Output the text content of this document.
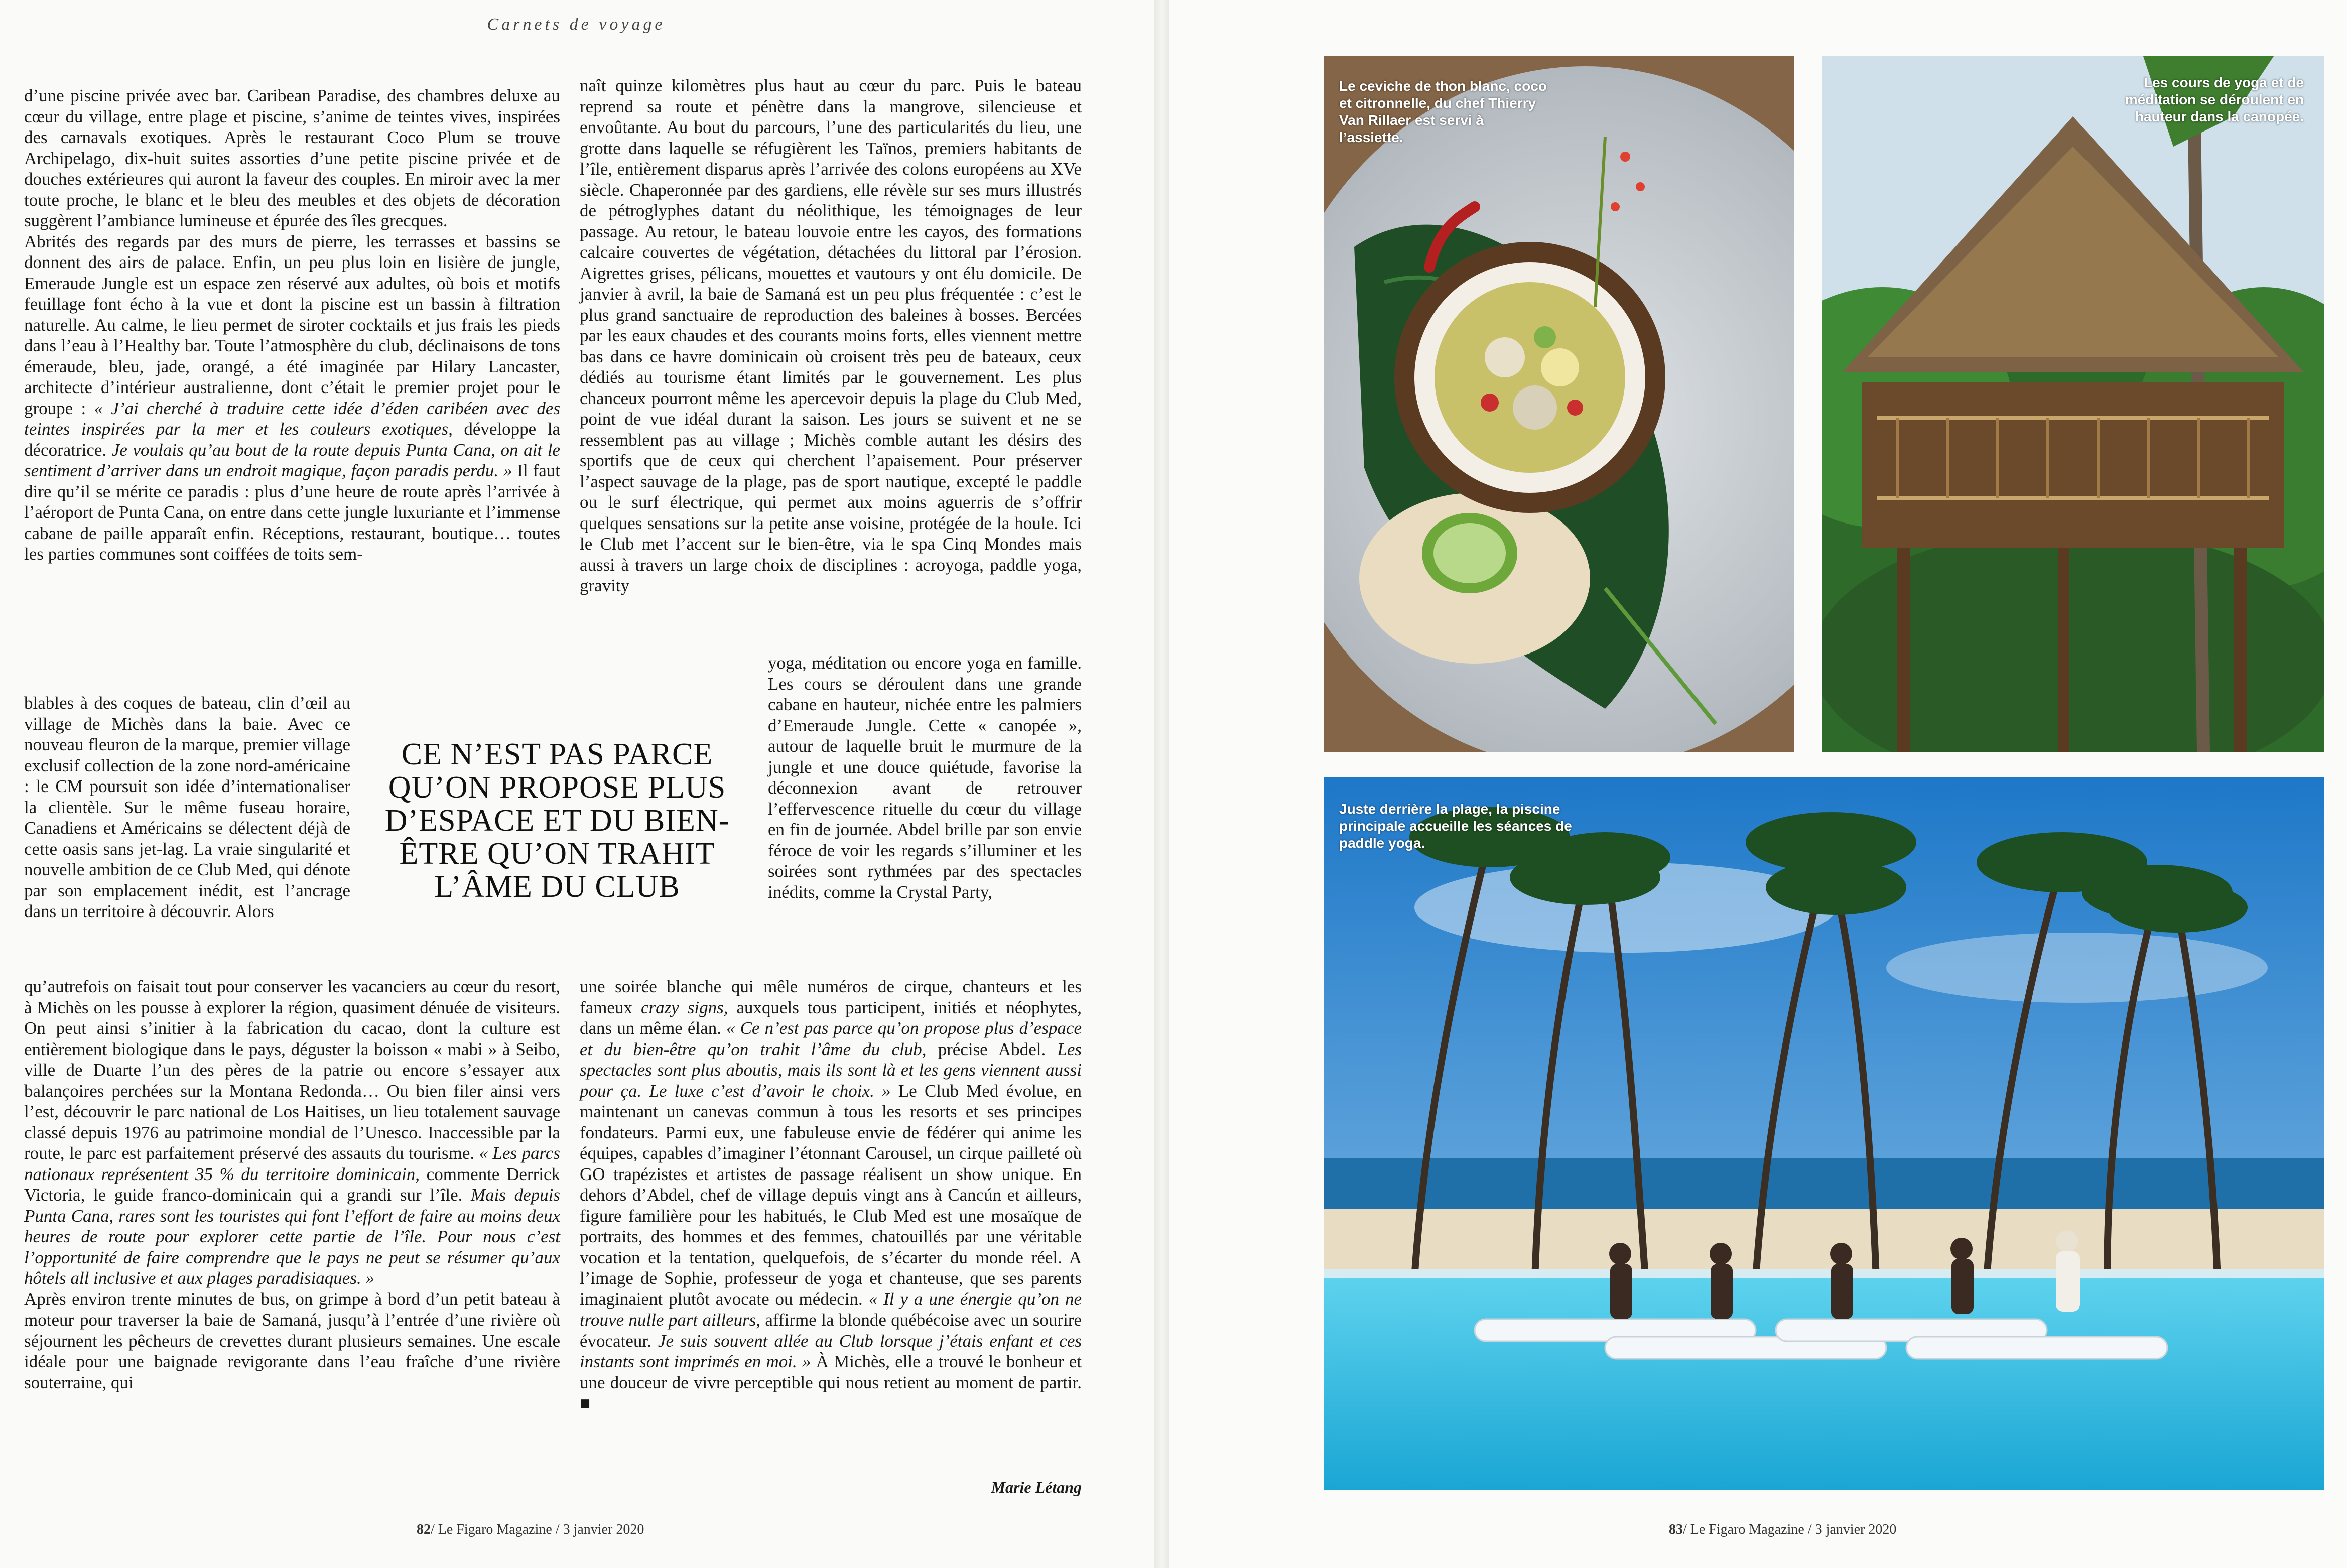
Carnets de voyage

d’une piscine privée avec bar. Caribean Paradise, des chambres deluxe au cœur du village, entre plage et piscine, s’anime de teintes vives, inspirées des carnavals exotiques. Après le restaurant Coco Plum se trouve Archipelago, dix-huit suites assorties d’une petite piscine privée et de douches extérieures qui auront la faveur des couples. En miroir avec la mer toute proche, le blanc et le bleu des meubles et des objets de décoration suggèrent l’ambiance lumineuse et épurée des îles grecques.
Abrités des regards par des murs de pierre, les terrasses et bassins se donnent des airs de palace. Enfin, un peu plus loin en lisière de jungle, Emeraude Jungle est un espace zen réservé aux adultes, où bois et motifs feuillage font écho à la vue et dont la piscine est un bassin à filtration naturelle. Au calme, le lieu permet de siroter cocktails et jus frais les pieds dans l’eau à l’Healthy bar. Toute l’atmosphère du club, déclinaisons de tons émeraude, bleu, jade, orangé, a été imaginée par Hilary Lancaster, architecte d’intérieur australienne, dont c’était le premier projet pour le groupe : « J’ai cherché à traduire cette idée d’éden caribéen avec des teintes inspirées par la mer et les couleurs exotiques, développe la décoratrice. Je voulais qu’au bout de la route depuis Punta Cana, on ait le sentiment d’arriver dans un endroit magique, façon paradis perdu. » Il faut dire qu’il se mérite ce paradis : plus d’une heure de route après l’arrivée à l’aéroport de Punta Cana, on entre dans cette jungle luxuriante et l’immense cabane de paille apparaît enfin. Réceptions, restaurant, boutique… toutes les parties communes sont coiffées de toits sem-

blables à des coques de bateau, clin d’œil au village de Michès dans la baie. Avec ce nouveau fleuron de la marque, premier village exclusif collection de la zone nord-américaine : le CM poursuit son idée d’internationaliser la clientèle. Sur le même fuseau horaire, Canadiens et Américains se délectent déjà de cette oasis sans jet-lag. La vraie singularité et nouvelle ambition de ce Club Med, qui dénote par son emplacement inédit, est l’ancrage dans un territoire à découvrir. Alors

CE N’EST PAS PARCE QU’ON PROPOSE PLUS D’ESPACE ET DU BIEN-ÊTRE QU’ON TRAHIT L’ÂME DU CLUB

qu’autrefois on faisait tout pour conserver les vacanciers au cœur du resort, à Michès on les pousse à explorer la région, quasiment dénuée de visiteurs. On peut ainsi s’initier à la fabrication du cacao, dont la culture est entièrement biologique dans le pays, déguster la boisson « mabi » à Seibo, ville de Duarte l’un des pères de la patrie ou encore s’essayer aux balançoires perchées sur la Montana Redonda… Ou bien filer ainsi vers l’est, découvrir le parc national de Los Haitises, un lieu totalement sauvage classé depuis 1976 au patrimoine mondial de l’Unesco. Inaccessible par la route, le parc est parfaitement préservé des assauts du tourisme. « Les parcs nationaux représentent 35 % du territoire dominicain, commente Derrick Victoria, le guide franco-dominicain qui a grandi sur l’île. Mais depuis Punta Cana, rares sont les touristes qui font l’effort de faire au moins deux heures de route pour explorer cette partie de l’île. Pour nous c’est l’opportunité de faire comprendre que le pays ne peut se résumer qu’aux hôtels all inclusive et aux plages paradisiaques. »
Après environ trente minutes de bus, on grimpe à bord d’un petit bateau à moteur pour traverser la baie de Samaná, jusqu’à l’entrée d’une rivière où séjournent les pêcheurs de crevettes durant plusieurs semaines. Une escale idéale pour une baignade revigorante dans l’eau fraîche d’une rivière souterraine, qui

naît quinze kilomètres plus haut au cœur du parc. Puis le bateau reprend sa route et pénètre dans la mangrove, silencieuse et envoûtante. Au bout du parcours, l’une des particularités du lieu, une grotte dans laquelle se réfugièrent les Taïnos, premiers habitants de l’île, entièrement disparus après l’arrivée des colons européens au XVe siècle. Chaperonnée par des gardiens, elle révèle sur ses murs illustrés de pétroglyphes datant du néolithique, les témoignages de leur passage. Au retour, le bateau louvoie entre les cayos, des formations calcaire couvertes de végétation, détachées du littoral par l’érosion. Aigrettes grises, pélicans, mouettes et vautours y ont élu domicile. De janvier à avril, la baie de Samaná est un peu plus fréquentée : c’est le plus grand sanctuaire de reproduction des baleines à bosses. Bercées par les eaux chaudes et des courants moins forts, elles viennent mettre bas dans ce havre dominicain où croisent très peu de bateaux, ceux dédiés au tourisme étant limités par le gouvernement. Les plus chanceux pourront même les apercevoir depuis la plage du Club Med, point de vue idéal durant la saison. Les jours se suivent et ne se ressemblent pas au village ; Michès comble autant les désirs des sportifs que de ceux qui cherchent l’apaisement. Pour préserver l’aspect sauvage de la plage, pas de sport nautique, excepté le paddle ou le surf électrique, qui permet aux moins aguerris de s’offrir quelques sensations sur la petite anse voisine, protégée de la houle. Ici le Club met l’accent sur le bien-être, via le spa Cinq Mondes mais aussi à travers un large choix de disciplines : acroyoga, paddle yoga, gravity

yoga, méditation ou encore yoga en famille. Les cours se déroulent dans une grande cabane en hauteur, nichée entre les palmiers d’Emeraude Jungle. Cette « canopée », autour de laquelle bruit le murmure de la jungle et une douce quiétude, favorise la déconnexion avant de retrouver l’effervescence rituelle du cœur du village en fin de journée. Abdel brille par son envie féroce de voir les regards s’illuminer et les soirées sont rythmées par des spectacles inédits, comme la Crystal Party,

une soirée blanche qui mêle numéros de cirque, chanteurs et les fameux crazy signs, auxquels tous participent, initiés et néophytes, dans un même élan. « Ce n’est pas parce qu’on propose plus d’espace et du bien-être qu’on trahit l’âme du club, précise Abdel. Les spectacles sont plus aboutis, mais ils sont là et les gens viennent aussi pour ça. Le luxe c’est d’avoir le choix. » Le Club Med évolue, en maintenant un canevas commun à tous les resorts et ses principes fondateurs. Parmi eux, une fabuleuse envie de fédérer qui anime les équipes, capables d’imaginer l’étonnant Carousel, un cirque pailleté où GO trapézistes et artistes de passage réalisent un show unique. En dehors d’Abdel, chef de village depuis vingt ans à Cancún et ailleurs, figure familière pour les habitués, le Club Med est une mosaïque de portraits, des hommes et des femmes, chatouillés par une véritable vocation et la tentation, quelquefois, de s’écarter du monde réel. A l’image de Sophie, professeur de yoga et chanteuse, que ses parents imaginaient plutôt avocate ou médecin. « Il y a une énergie qu’on ne trouve nulle part ailleurs, affirme la blonde québécoise avec un sourire évocateur. Je suis souvent allée au Club lorsque j’étais enfant et ces instants sont imprimés en moi. » À Michès, elle a trouvé le bonheur et une douceur de vivre perceptible qui nous retient au moment de partir. ■

Marie Létang
82/ Le Figaro Magazine / 3 janvier 2020	83/ Le Figaro Magazine / 3 janvier 2020
Le ceviche de thon blanc, coco et citronnelle, du chef Thierry Van Rillaer est servi à l’assiette.
Les cours de yoga et de méditation se déroulent en hauteur dans la canopée.
Juste derrière la plage, la piscine principale accueille les séances de paddle yoga.
